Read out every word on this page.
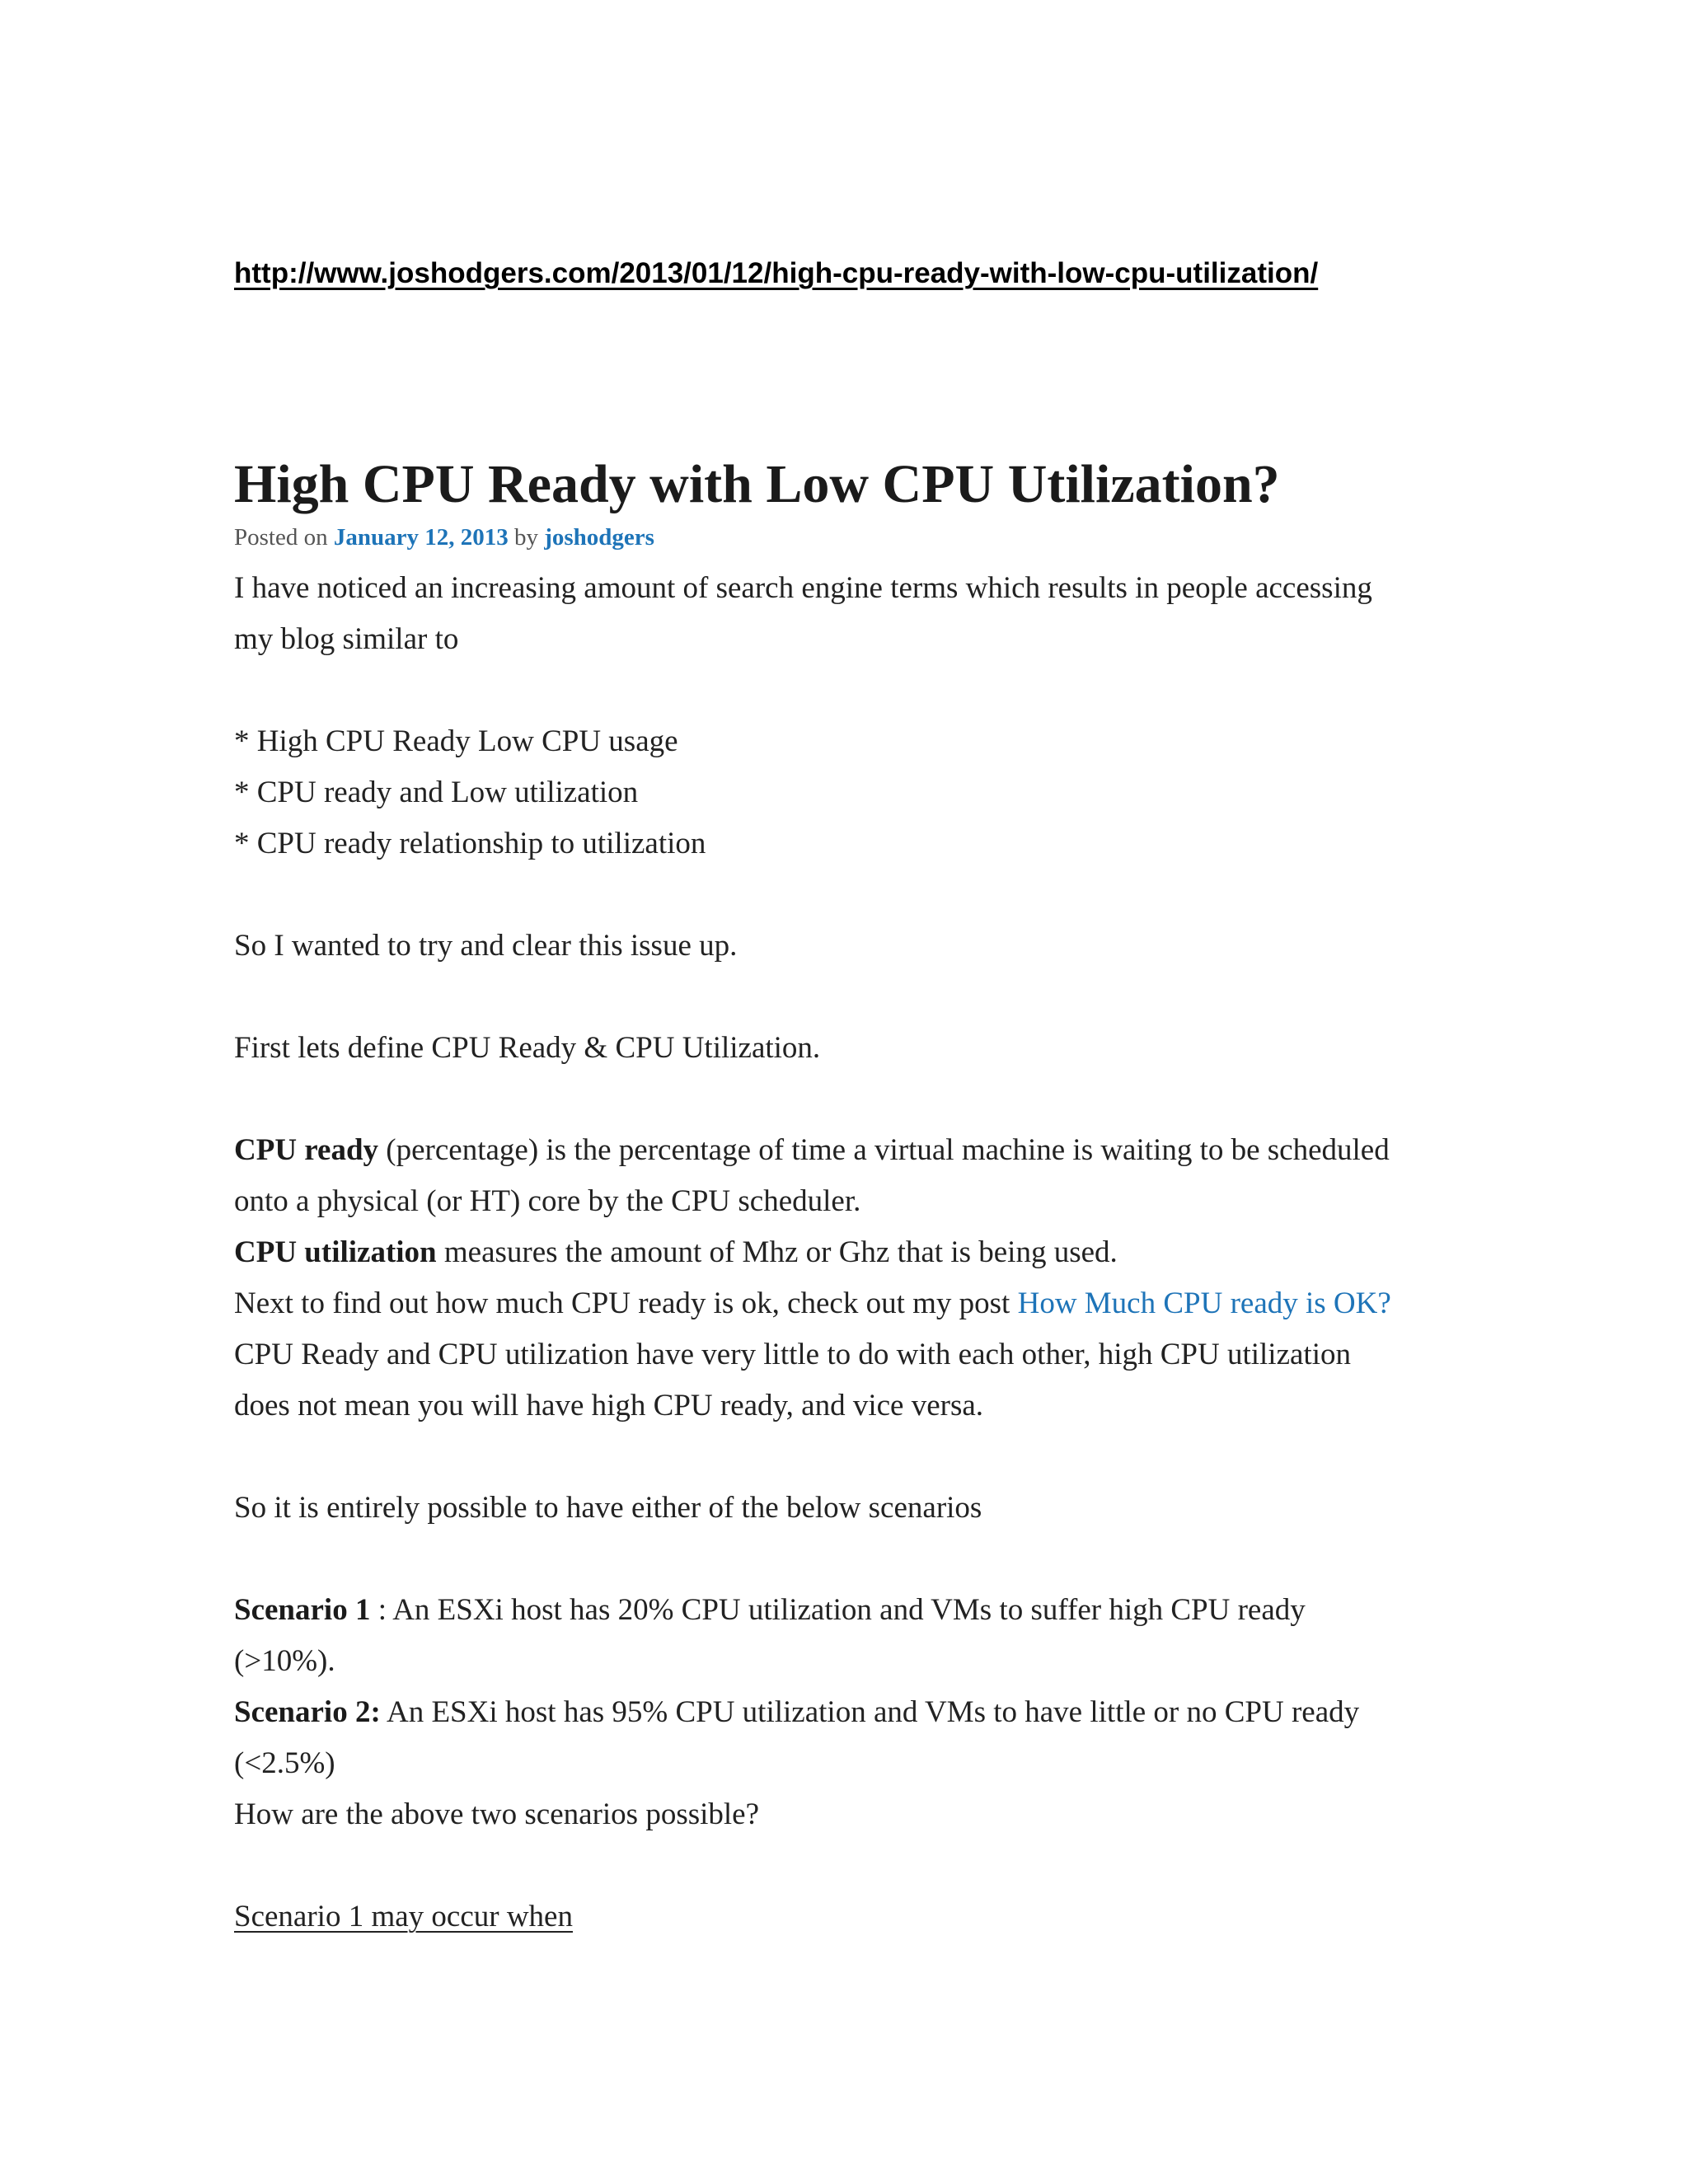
http://www.joshodgers.com/2013/01/12/high-cpu-ready-with-low-cpu-utilization/
High CPU Ready with Low CPU Utilization?
Posted on January 12, 2013 by joshodgers

I have noticed an increasing amount of search engine terms which results in people accessing

my blog similar to

* High CPU Ready Low CPU usage

* CPU ready and Low utilization

* CPU ready relationship to utilization

So I wanted to try and clear this issue up.

First lets define CPU Ready & CPU Utilization.

CPU ready (percentage) is the percentage of time a virtual machine is waiting to be scheduled

onto a physical (or HT) core by the CPU scheduler.

CPU utilization measures the amount of Mhz or Ghz that is being used.

Next to find out how much CPU ready is ok, check out my post How Much CPU ready is OK?

CPU Ready and CPU utilization have very little to do with each other, high CPU utilization

does not mean you will have high CPU ready, and vice versa.

So it is entirely possible to have either of the below scenarios

Scenario 1 : An ESXi host has 20% CPU utilization and VMs to suffer high CPU ready

(>10%).

Scenario 2: An ESXi host has 95% CPU utilization and VMs to have little or no CPU ready

(<2.5%)

How are the above two scenarios possible?

Scenario 1 may occur when
